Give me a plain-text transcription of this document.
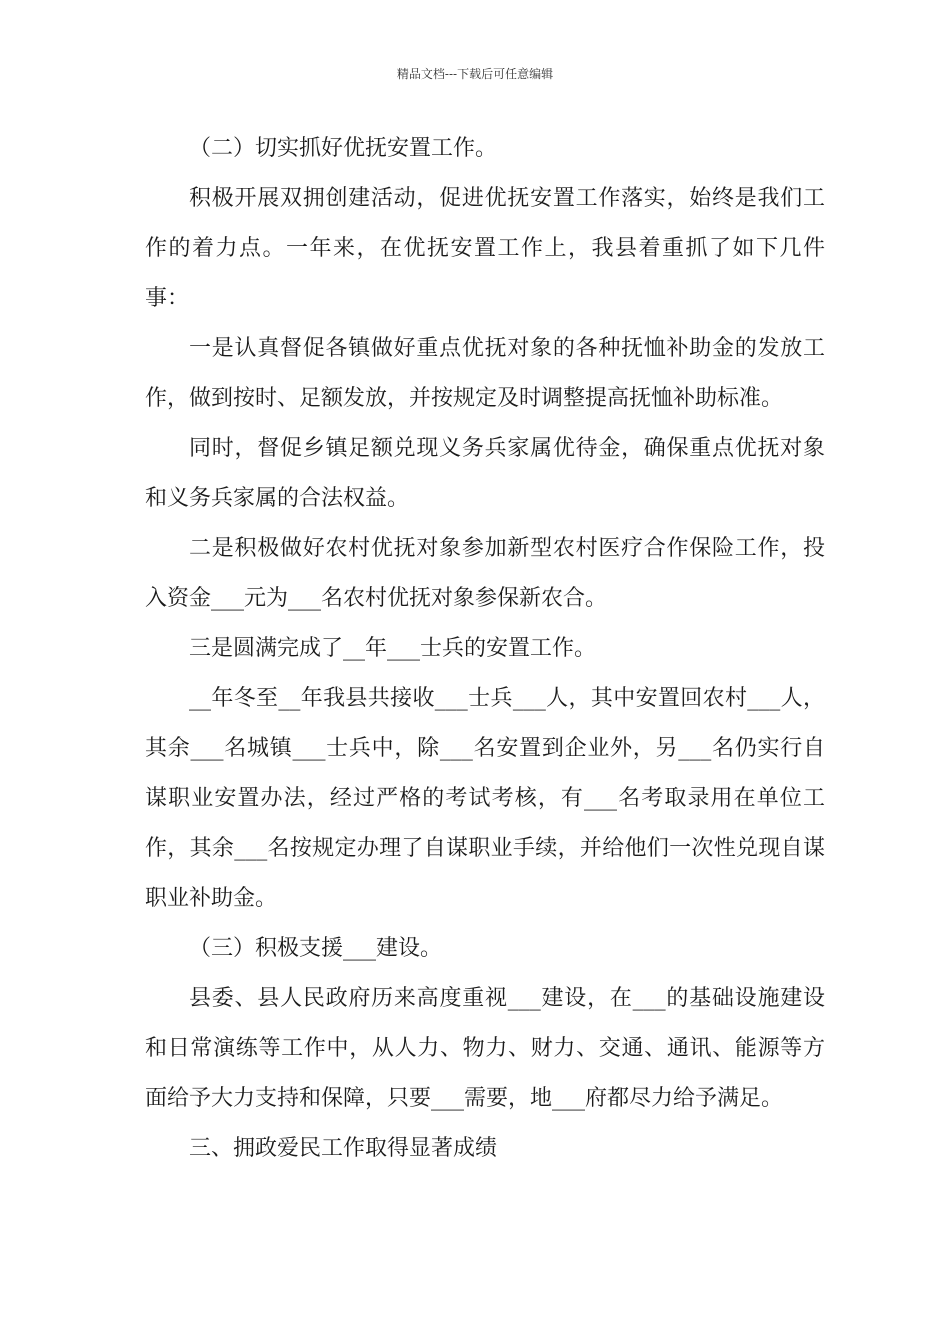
精品文档---下载后可任意编辑

（二）切实抓好优抚安置工作。

积极开展双拥创建活动，促进优抚安置工作落实，始终是我们工作的着力点。一年来，在优抚安置工作上，我县着重抓了如下几件事：

一是认真督促各镇做好重点优抚对象的各种抚恤补助金的发放工作，做到按时、足额发放，并按规定及时调整提高抚恤补助标准。

同时，督促乡镇足额兑现义务兵家属优待金，确保重点优抚对象和义务兵家属的合法权益。

二是积极做好农村优抚对象参加新型农村医疗合作保险工作，投入资金___元为___名农村优抚对象参保新农合。

三是圆满完成了__年___士兵的安置工作。

__年冬至__年我县共接收___士兵___人，其中安置回农村___人，其余___名城镇___士兵中，除___名安置到企业外，另___名仍实行自谋职业安置办法，经过严格的考试考核，有___名考取录用在单位工作，其余___名按规定办理了自谋职业手续，并给他们一次性兑现自谋职业补助金。

（三）积极支援___建设。

县委、县人民政府历来高度重视___建设，在___的基础设施建设和日常演练等工作中，从人力、物力、财力、交通、通讯、能源等方面给予大力支持和保障，只要___需要，地___府都尽力给予满足。

三、拥政爱民工作取得显著成绩
